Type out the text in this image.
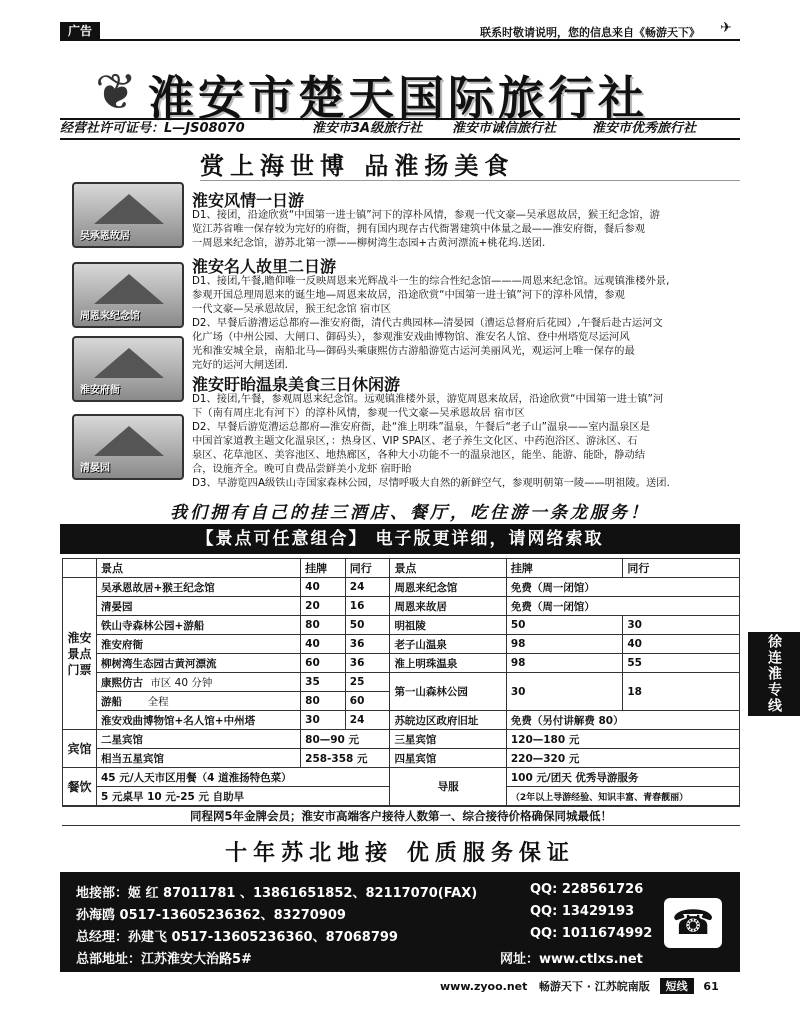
广告	联系时敬请说明，您的信息来自《畅游天下》	✈
❦ 淮安市楚天国际旅行社
经营社许可证号：L—JS08070	淮安市3A级旅行社 淮安市诚信旅行社	淮安市优秀旅行社
赏上海世博 品淮扬美食
吴承恩故居
周恩来纪念馆
淮安府衙
清晏园
淮安风情一日游
D1、接团，沿途欣赏“中国第一进士镇”河下的淳朴风情，参观一代文豪—吴承恩故居，猴王纪念馆，游
览江苏省唯一保存较为完好的府衙，拥有国内现存古代衙署建筑中体量之最——淮安府衙，餐后参观
一周恩来纪念馆，游苏北第一漂——柳树湾生态园+古黄河漂流+桃花坞.送团.
淮安名人故里二日游
D1、接团,午餐,瞻仰唯一反映周恩来光辉战斗一生的综合性纪念馆———周恩来纪念馆。远观镇淮楼外景,
参观开国总理周恩来的诞生地—周恩来故居，沿途欣赏“中国第一进士镇”河下的淳朴风情，参观
一代文豪—吴承恩故居，猴王纪念馆 宿市区
D2、早餐后游漕运总都府—淮安府衙，清代古典园林—清晏园（漕运总督府后花园）,午餐后赴古运河文
化广场（中州公园、大闸口、御码头），参观淮安戏曲博物馆、淮安名人馆、登中州塔览尽运河风
光和淮安城全景，南船北马—御码头乘康熙仿古游船游览古运河美丽风光，观运河上唯一保存的最
完好的运河大闸送团.
淮安盱眙温泉美食三日休闲游
D1、接团,午餐，参观周恩来纪念馆。远观镇淮楼外景，游览周恩来故居，沿途欣赏“中国第一进士镇”河
下（南有周庄北有河下）的淳朴风情，参观一代文豪—吴承恩故居 宿市区
D2、早餐后游览漕运总都府—淮安府衙，赴“淮上明珠”温泉，午餐后“老子山”温泉——室内温泉区是
中国首家道教主题文化温泉区，：热身区、VIP SPA区、老子养生文化区、中药泡浴区、游泳区、石
泉区、花草池区、美容池区、地热廊区，各种大小功能不一的温泉池区，能坐、能游、能卧，静动结
合，设施齐全。晚可自费品尝鲜美小龙虾 宿盱眙
D3、早游览四A级铁山寺国家森林公园，尽情呼吸大自然的新鲜空气，参观明朝第一陵——明祖陵。送团.
我们拥有自己的挂三酒店、餐厅，吃住游一条龙服务！
【景点可任意组合】 电子版更详细，请网络索取
	景点	挂牌	同行	景点	挂牌	同行
淮安景点门票	吴承恩故居+猴王纪念馆	40	24	周恩来纪念馆	免费（周一闭馆）	
	清晏园	20	16	周恩来故居	免费（周一闭馆）	
	铁山寺森林公园+游船	80	50	明祖陵	50	30
	淮安府衙	40	36	老子山温泉	98	40
	柳树湾生态园古黄河漂流	60	36	淮上明珠温泉	98	55
	康熙仿古 市区 40 分钟	35	25	第一山森林公园	30	18
	游船 全程	80	60			
	淮安戏曲博物馆+名人馆+中州塔	30	24	苏皖边区政府旧址	免费（另付讲解费 80）	
宾馆	二星宾馆	80—90 元		三星宾馆	120—180 元	
	相当五星宾馆	258-358 元		四星宾馆	220—320 元	
餐饮	45 元/人天市区用餐（4 道淮扬特色菜）			导服	100 元/团天 优秀导游服务	
	5 元桌早 10 元-25 元 自助早				（2年以上导游经验、知识丰富、青春靓丽）	
徐连淮专线
同程网5年金牌会员；淮安市高端客户接待人数第一、综合接待价格确保同城最低！
十年苏北地接 优质服务保证
地接部：姬 红 87011781 、13861651852、82117070(FAX)
孙海鸥 0517-13605236362、83270909
总经理：孙建飞 0517-13605236360、87068799
总部地址：江苏淮安大治路5#
QQ: 228561726
QQ: 13429193
QQ: 1011674992
网址：www.ctlxs.net
☎
www.zyoo.net 畅游天下 · 江苏皖南版 短线 61
